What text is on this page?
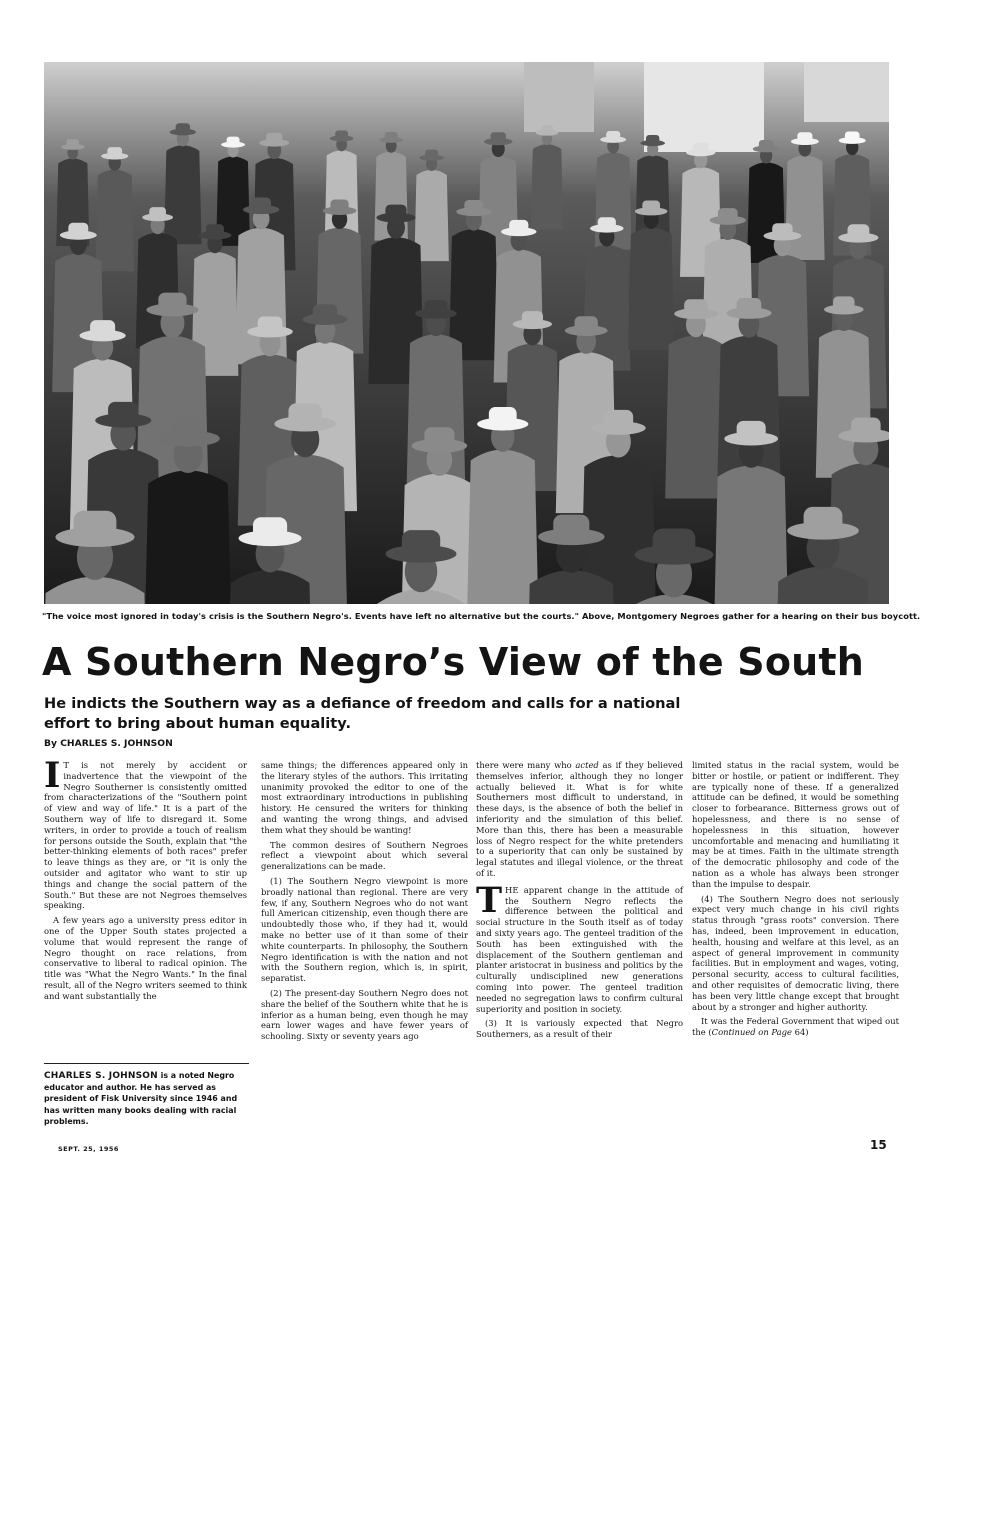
"The voice most ignored in today's crisis is the Southern Negro's. Events have left no alternative but the courts." Above, Montgomery Negroes gather for a hearing on their bus boycott.
A Southern Negro’s View of the South
He indicts the Southern way as a defiance of freedom and calls for a national effort to bring about human equality.
By CHARLES S. JOHNSON

I T is not merely by accident or inadvertence that the viewpoint of the Negro Southerner is consistently omitted from characterizations of the "Southern point of view and way of life." It is a part of the Southern way of life to disregard it. Some writers, in order to provide a touch of realism for persons outside the South, explain that "the better-thinking elements of both races" prefer to leave things as they are, or "it is only the outsider and agitator who want to stir up things and change the social pattern of the South." But these are not Negroes themselves speaking.

A few years ago a university press editor in one of the Upper South states projected a volume that would represent the range of Negro thought on race relations, from conservative to liberal to radical opinion. The title was "What the Negro Wants." In the final result, all of the Negro writers seemed to think and want substantially the

same things; the differences appeared only in the literary styles of the authors. This irritating unanimity provoked the editor to one of the most extraordinary introductions in publishing history. He censured the writers for thinking and wanting the wrong things, and advised them what they should be wanting!

The common desires of Southern Negroes reflect a viewpoint about which several generalizations can be made.

(1) The Southern Negro viewpoint is more broadly national than regional. There are very few, if any, Southern Negroes who do not want full American citizenship, even though there are undoubtedly those who, if they had it, would make no better use of it than some of their white counterparts. In philosophy, the Southern Negro identification is with the nation and not with the Southern region, which is, in spirit, separatist.

(2) The present-day Southern Negro does not share the belief of the Southern white that he is inferior as a human being, even though he may earn lower wages and have fewer years of schooling. Sixty or seventy years ago

there were many who acted as if they believed themselves inferior, although they no longer actually believed it. What is for white Southerners most difficult to understand, in these days, is the absence of both the belief in inferiority and the simulation of this belief. More than this, there has been a measurable loss of Negro respect for the white pretenders to a superiority that can only be sustained by legal statutes and illegal violence, or the threat of it.

THE apparent change in the attitude of the Southern Negro reflects the difference between the political and social structure in the South itself as of today and sixty years ago. The genteel tradition of the South has been extinguished with the displacement of the Southern gentleman and planter aristocrat in business and politics by the culturally undisciplined new generations coming into power. The genteel tradition needed no segregation laws to confirm cultural superiority and position in society.

(3) It is variously expected that Negro Southerners, as a result of their

limited status in the racial system, would be bitter or hostile, or patient or indifferent. They are typically none of these. If a generalized attitude can be defined, it would be something closer to forbearance. Bitterness grows out of hopelessness, and there is no sense of hopelessness in this situation, however uncomfortable and menacing and humiliating it may be at times. Faith in the ultimate strength of the democratic philosophy and code of the nation as a whole has always been stronger than the impulse to despair.

(4) The Southern Negro does not seriously expect very much change in his civil rights status through "grass roots" conversion. There has, indeed, been improvement in education, health, housing and welfare at this level, as an aspect of general improvement in community facilities. But in employment and wages, voting, personal security, access to cultural facilities, and other requisites of democratic living, there has been very little change except that brought about by a stronger and higher authority.

It was the Federal Government that wiped out the (Continued on Page 64)

CHARLES S. JOHNSON is a noted Negro educator and author. He has served as president of Fisk University since 1946 and has written many books dealing with racial problems.
SEPT. 25, 1956	15
